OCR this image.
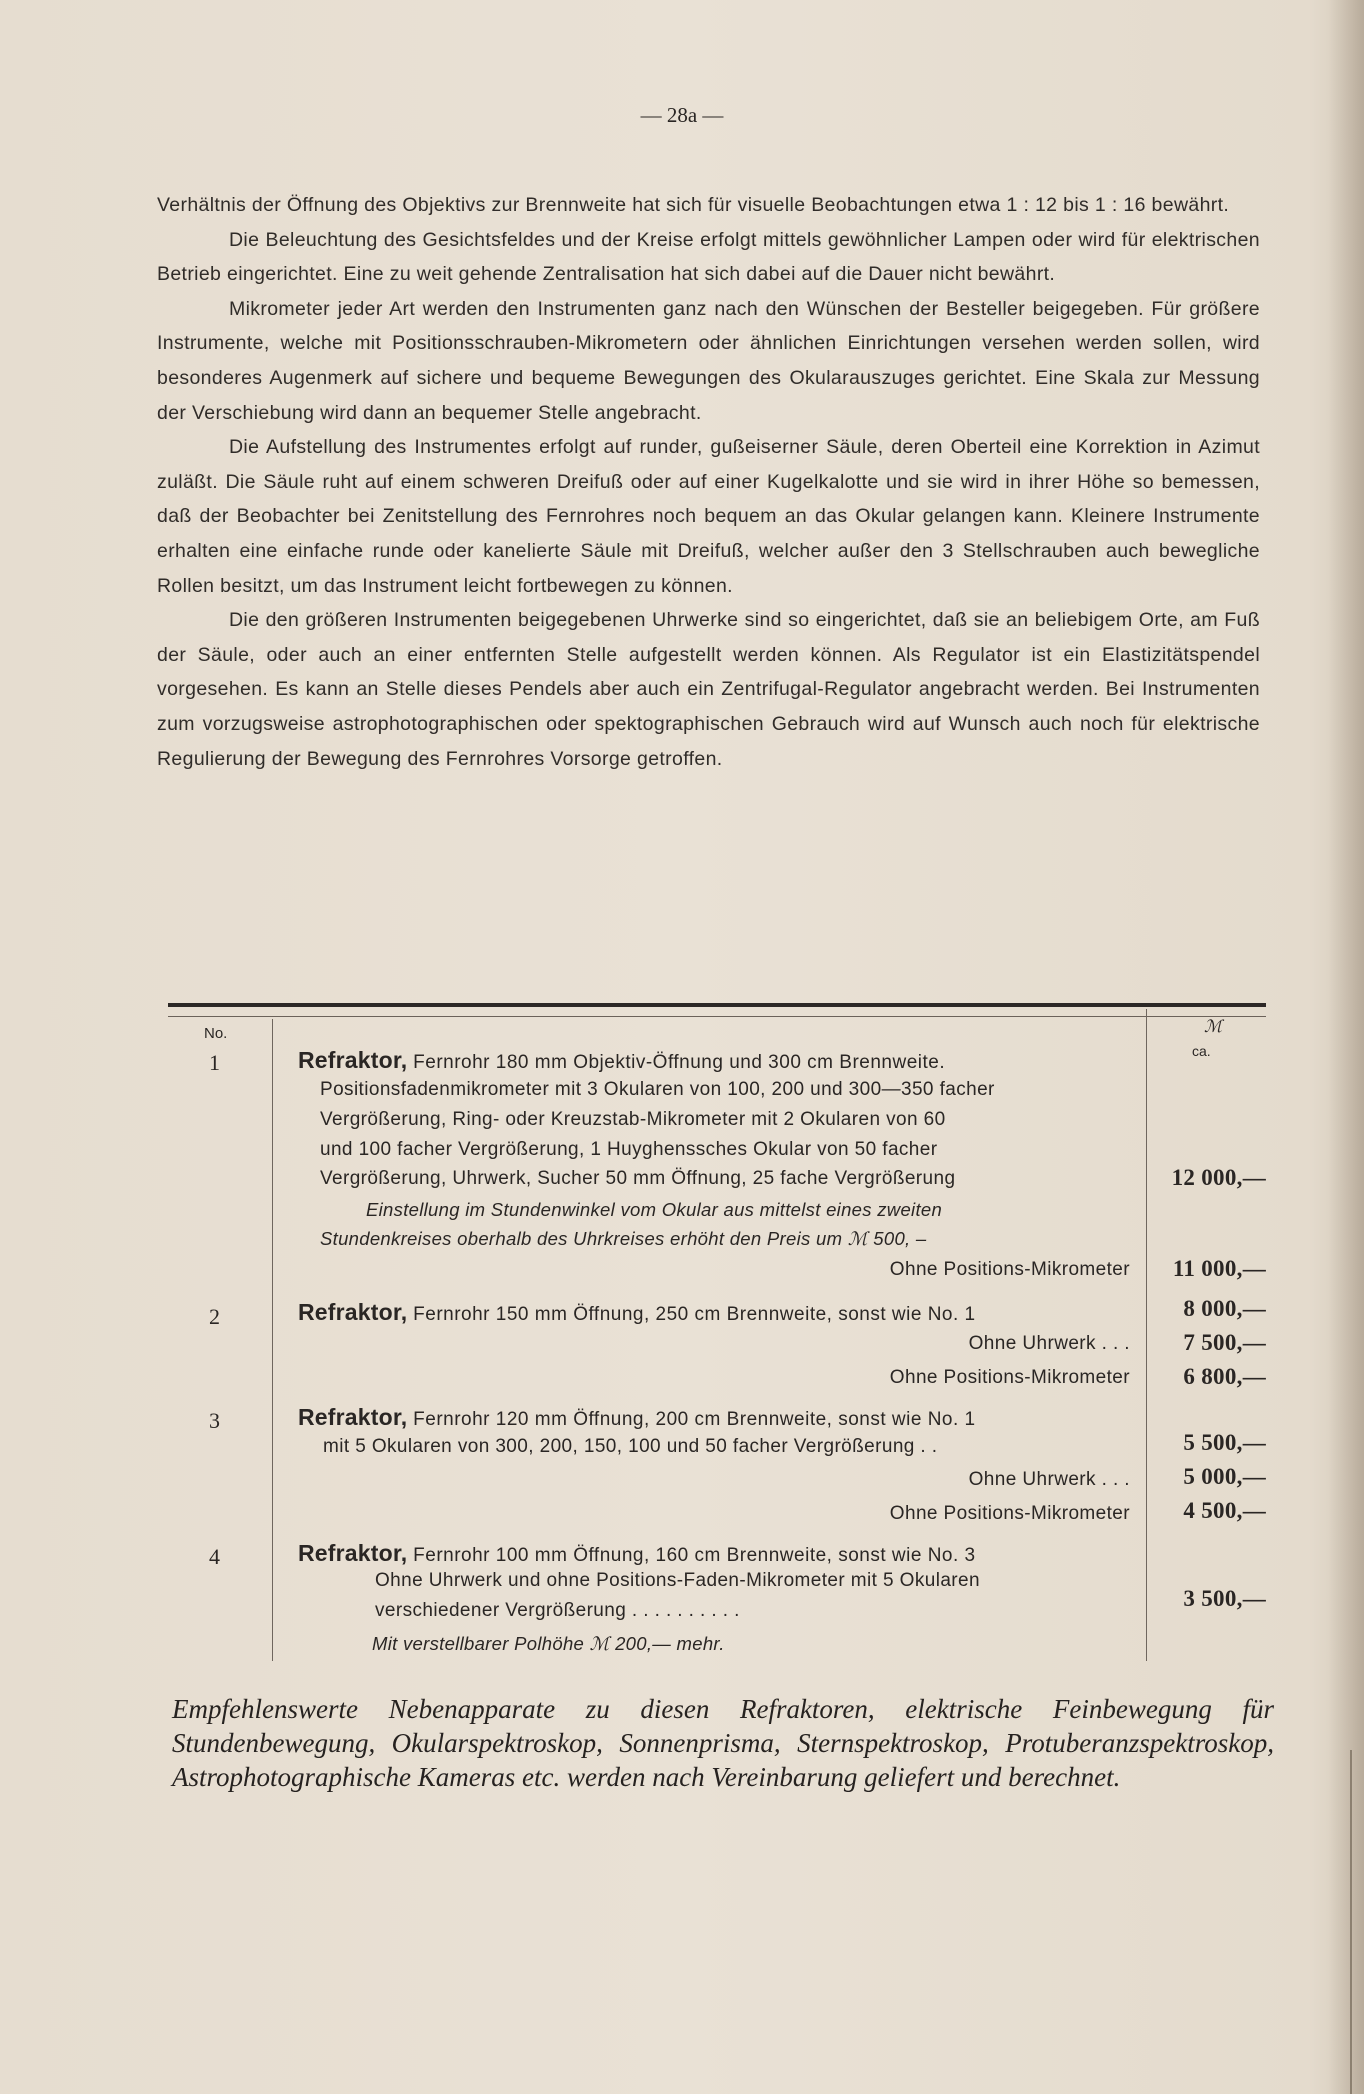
— 28a —

Verhältnis der Öffnung des Objektivs zur Brennweite hat sich für visuelle Beobachtungen etwa 1 : 12 bis 1 : 16 bewährt.

Die Beleuchtung des Gesichtsfeldes und der Kreise erfolgt mittels gewöhnlicher Lampen oder wird für elektrischen Betrieb eingerichtet. Eine zu weit gehende Zentralisation hat sich dabei auf die Dauer nicht bewährt.

Mikrometer jeder Art werden den Instrumenten ganz nach den Wünschen der Besteller beigegeben. Für größere Instrumente, welche mit Positionsschrauben-Mikrometern oder ähnlichen Einrichtungen versehen werden sollen, wird besonderes Augenmerk auf sichere und bequeme Bewegungen des Okularauszuges gerichtet. Eine Skala zur Messung der Verschiebung wird dann an bequemer Stelle angebracht.

Die Aufstellung des Instrumentes erfolgt auf runder, gußeiserner Säule, deren Oberteil eine Korrektion in Azimut zuläßt. Die Säule ruht auf einem schweren Dreifuß oder auf einer Kugelkalotte und sie wird in ihrer Höhe so bemessen, daß der Beobachter bei Zenitstellung des Fernrohres noch bequem an das Okular gelangen kann. Kleinere Instrumente erhalten eine einfache runde oder kanelierte Säule mit Dreifuß, welcher außer den 3 Stellschrauben auch bewegliche Rollen besitzt, um das Instrument leicht fortbewegen zu können.

Die den größeren Instrumenten beigegebenen Uhrwerke sind so eingerichtet, daß sie an beliebigem Orte, am Fuß der Säule, oder auch an einer entfernten Stelle aufgestellt werden können. Als Regulator ist ein Elastizitätspendel vorgesehen. Es kann an Stelle dieses Pendels aber auch ein Zentrifugal-Regulator angebracht werden. Bei Instrumenten zum vorzugsweise astrophotographischen oder spektographischen Gebrauch wird auf Wunsch auch noch für elektrische Regulierung der Bewegung des Fernrohres Vorsorge getroffen.

No.	ℳ
ca.
1	Refraktor, Fernrohr 180 mm Objektiv-Öffnung und 300 cm Brennweite.
Positionsfadenmikrometer mit 3 Okularen von 100, 200 und 300—350 facher
Vergrößerung, Ring- oder Kreuzstab-Mikrometer mit 2 Okularen von 60
und 100 facher Vergrößerung, 1 Huyghenssches Okular von 50 facher
Vergrößerung, Uhrwerk, Sucher 50 mm Öffnung, 25 fache Vergrößerung	12 000,—
Einstellung im Stundenwinkel vom Okular aus mittelst eines zweiten
Stundenkreises oberhalb des Uhrkreises erhöht den Preis um ℳ 500, –
Ohne Positions-Mikrometer	11 000,—
2	Refraktor, Fernrohr 150 mm Öffnung, 250 cm Brennweite, sonst wie No. 1	8 000,—
Ohne Uhrwerk . . .	7 500,—
Ohne Positions-Mikrometer	6 800,—
3	Refraktor, Fernrohr 120 mm Öffnung, 200 cm Brennweite, sonst wie No. 1
mit 5 Okularen von 300, 200, 150, 100 und 50 facher Vergrößerung . .	5 500,—
Ohne Uhrwerk . . .	5 000,—
Ohne Positions-Mikrometer	4 500,—
4	Refraktor, Fernrohr 100 mm Öffnung, 160 cm Brennweite, sonst wie No. 3
Ohne Uhrwerk und ohne Positions-Faden-Mikrometer mit 5 Okularen
verschiedener Vergrößerung . . . . . . . . . .	3 500,—
Mit verstellbarer Polhöhe ℳ 200,— mehr.

Empfehlenswerte Nebenapparate zu diesen Refraktoren, elektrische Feinbewegung für Stundenbewegung, Okularspektroskop, Sonnenprisma, Sternspektroskop, Protuberanzspektroskop, Astrophotographische Kameras etc. werden nach Vereinbarung geliefert und berechnet.
